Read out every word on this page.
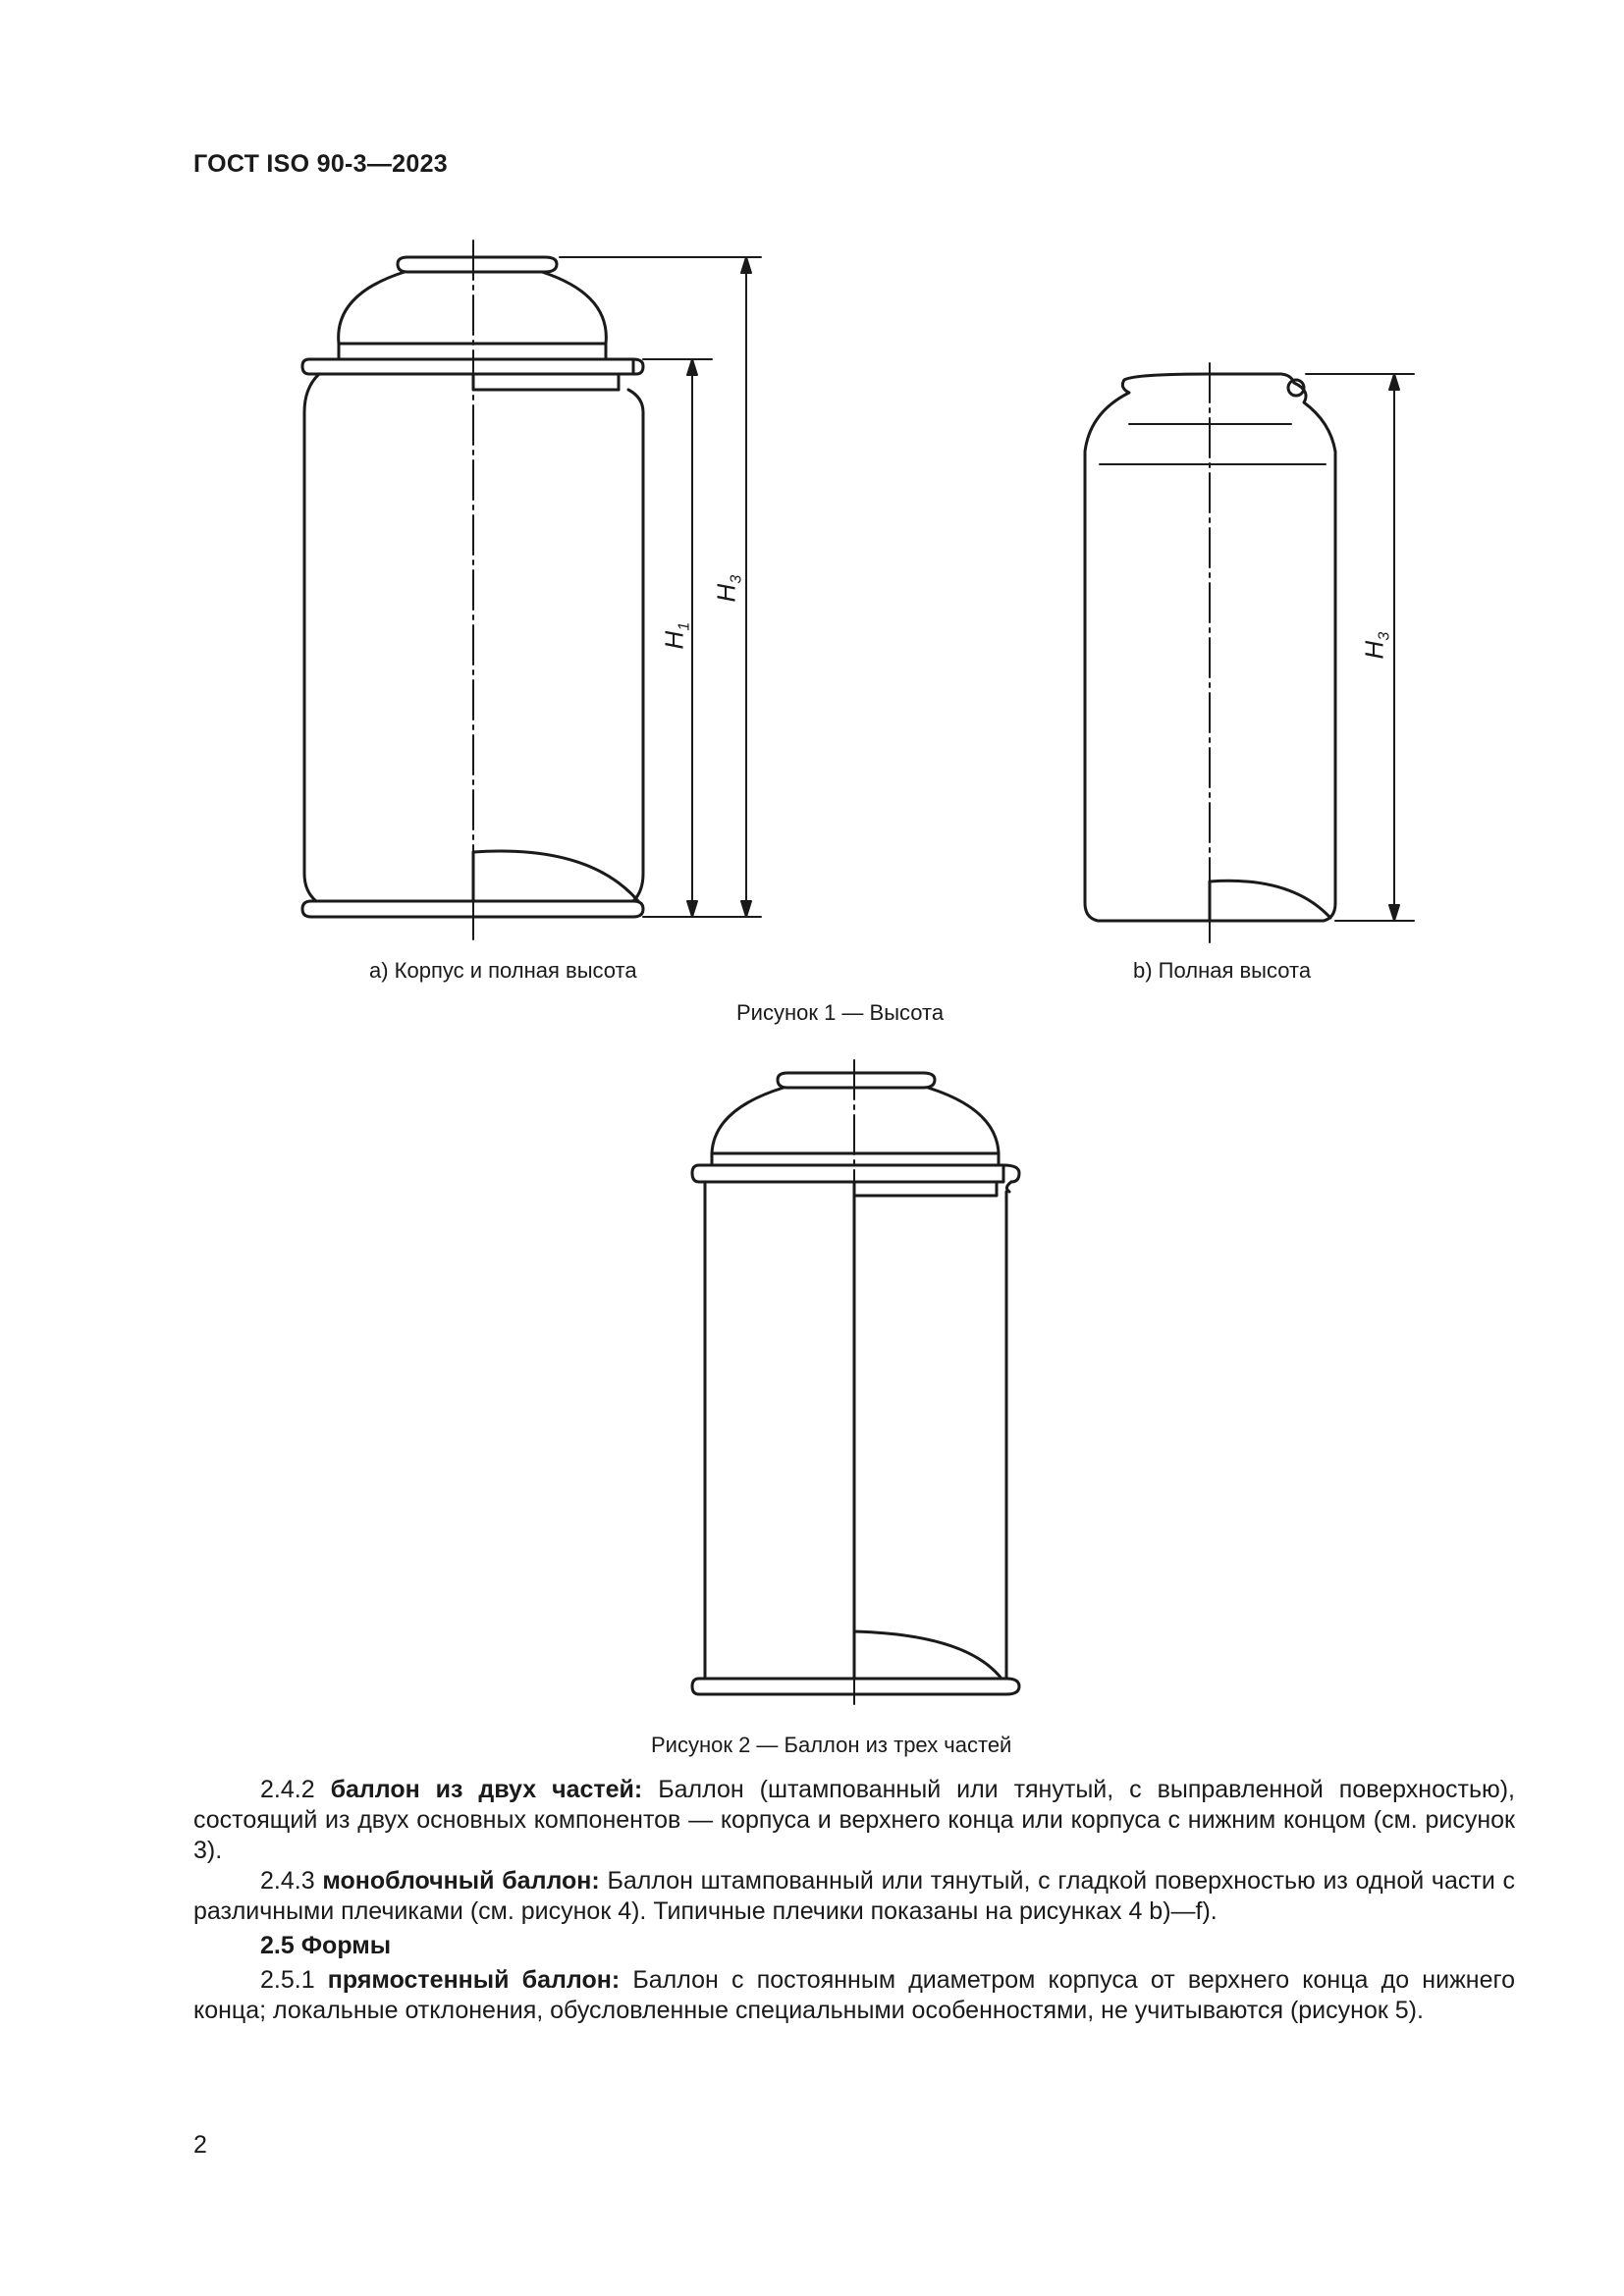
ГОСТ ISO 90-3—2023
$H_1$
$H_3$
$H_3$
a) Корпус и полная высота	b) Полная высота
Рисунок 1 — Высота
Рисунок 2 — Баллон из трех частей

2.4.2 баллон из двух частей: Баллон (штампованный или тянутый, с выправленной поверхностью), состоящий из двух основных компонентов — корпуса и верхнего конца или корпуса с нижним концом (см. рисунок 3).

2.4.3 моноблочный баллон: Баллон штампованный или тянутый, с гладкой поверхностью из одной части с различными плечиками (см. рисунок 4). Типичные плечики показаны на рисунках 4 b)—f).

2.5 Формы

2.5.1 прямостенный баллон: Баллон с постоянным диаметром корпуса от верхнего конца до нижнего конца; локальные отклонения, обусловленные специальными особенностями, не учитываются (рисунок 5).

2
